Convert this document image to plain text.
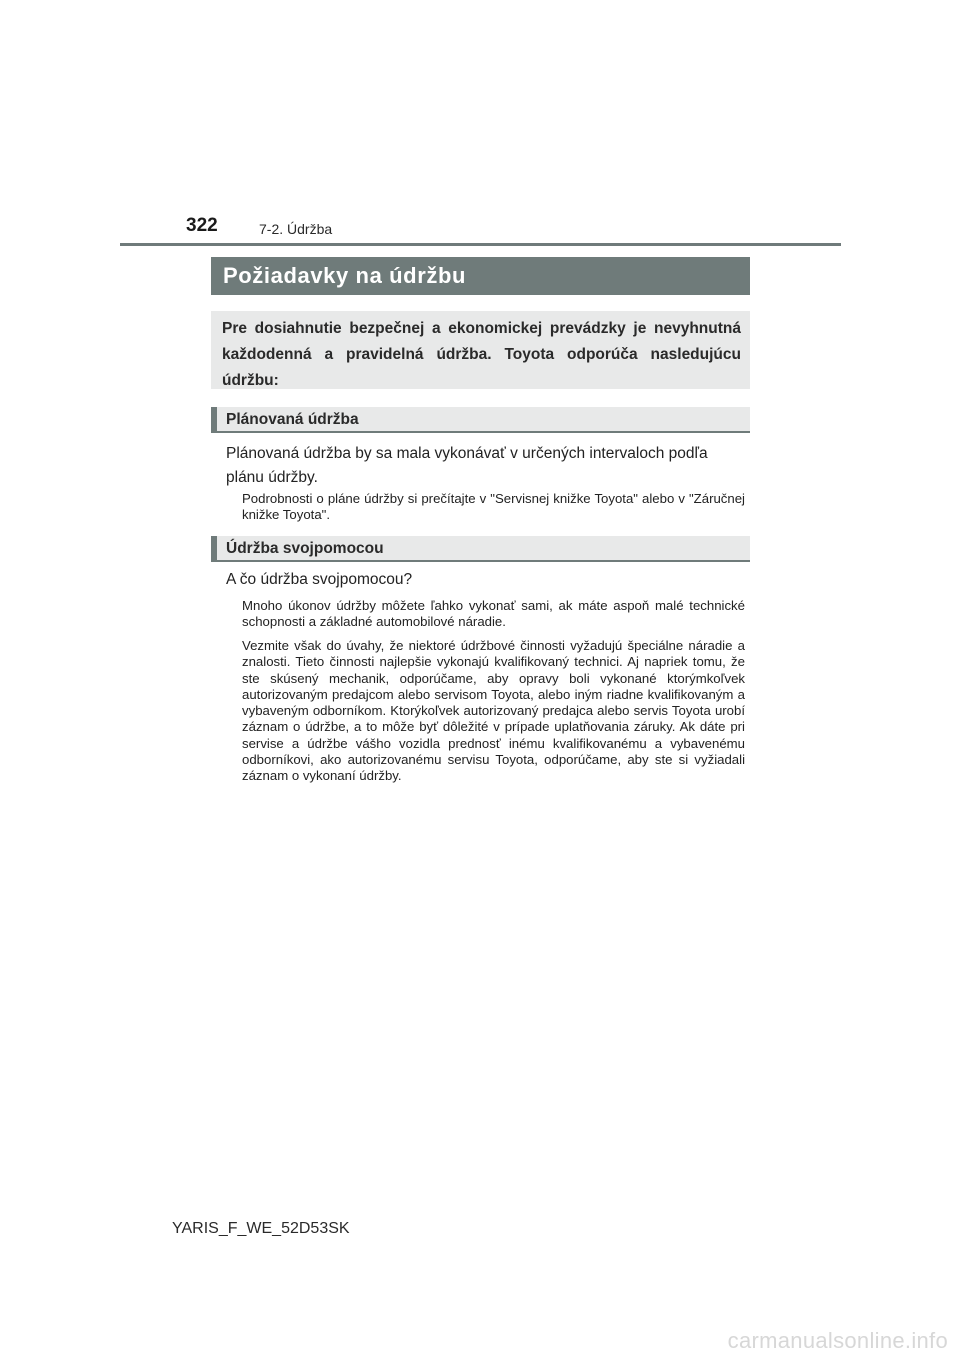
322	7-2. Údržba
Požiadavky na údržbu
Pre dosiahnutie bezpečnej a ekonomickej prevádzky je nevyhnutná každodenná a pravidelná údržba. Toyota odporúča nasledujúcu údržbu:
Plánovaná údržba
Plánovaná údržba by sa mala vykonávať v určených intervaloch podľa plánu údržby.
Podrobnosti o pláne údržby si prečítajte v "Servisnej knižke Toyota" alebo v "Záručnej knižke Toyota".
Údržba svojpomocou
A čo údržba svojpomocou?
Mnoho úkonov údržby môžete ľahko vykonať sami, ak máte aspoň malé technické schopnosti a základné automobilové náradie.
Vezmite však do úvahy, že niektoré údržbové činnosti vyžadujú špeciálne náradie a znalosti. Tieto činnosti najlepšie vykonajú kvalifikovaný technici. Aj napriek tomu, že ste skúsený mechanik, odporúčame, aby opravy boli vykonané ktorýmkoľvek autorizovaným predajcom alebo servisom Toyota, alebo iným riadne kvalifikovaným a vybaveným odborníkom. Ktorýkoľvek autorizovaný predajca alebo servis Toyota urobí záznam o údržbe, a to môže byť dôležité v prípade uplatňovania záruky. Ak dáte pri servise a údržbe vášho vozidla prednosť inému kvalifikovanému a vybavenému odborníkovi, ako autorizovanému servisu Toyota, odporúčame, aby ste si vyžiadali záznam o vykonaní údržby.
YARIS_F_WE_52D53SK
carmanualsonline.info
